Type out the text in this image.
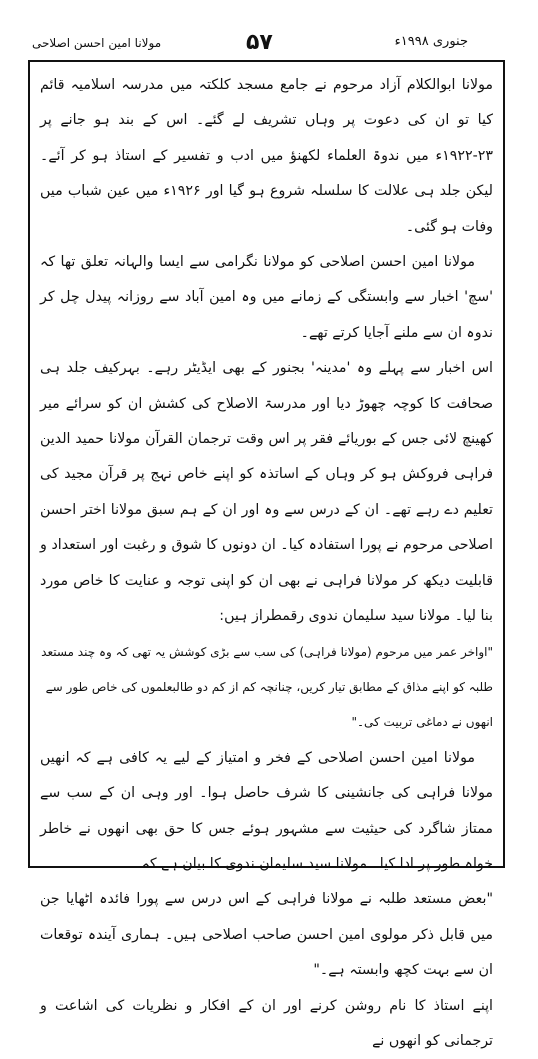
مولانا امین احسن اصلاحی	۵۷	جنوری ۱۹۹۸ء

مولانا ابوالکلام آزاد مرحوم نے جامع مسجد کلکتہ میں مدرسہ اسلامیہ قائم کیا تو ان کی دعوت پر وہاں تشریف لے گئے۔ اس کے بند ہو جانے پر ۲۳-۱۹۲۲ء میں ندوۃ العلماء لکھنؤ میں ادب و تفسیر کے استاذ ہو کر آئے۔ لیکن جلد ہی علالت کا سلسلہ شروع ہو گیا اور ۱۹۲۶ء میں عین شباب میں وفات ہو گئی۔

مولانا امین احسن اصلاحی کو مولانا نگرامی سے ایسا والہانہ تعلق تھا کہ 'سچ' اخبار سے وابستگی کے زمانے میں وہ امین آباد سے روزانہ پیدل چل کر ندوہ ان سے ملنے آجایا کرتے تھے۔

اس اخبار سے پہلے وہ 'مدینہ' بجنور کے بھی ایڈیٹر رہے۔ بہرکیف جلد ہی صحافت کا کوچہ چھوڑ دیا اور مدرسۃ الاصلاح کی کشش ان کو سرائے میر کھینچ لائی جس کے بوریائے فقر پر اس وقت ترجمان القرآن مولانا حمید الدین فراہی فروکش ہو کر وہاں کے اساتذہ کو اپنے خاص نہج پر قرآن مجید کی تعلیم دے رہے تھے۔ ان کے درس سے وہ اور ان کے ہم سبق مولانا اختر احسن اصلاحی مرحوم نے پورا استفادہ کیا۔ ان دونوں کا شوق و رغبت اور استعداد و قابلیت دیکھ کر مولانا فراہی نے بھی ان کو اپنی توجہ و عنایت کا خاص مورد بنا لیا۔ مولانا سید سلیمان ندوی رقمطراز ہیں:

"اواخر عمر میں مرحوم (مولانا فراہی) کی سب سے بڑی کوشش یہ تھی کہ وہ چند مستعد طلبہ کو اپنے مذاق کے مطابق تیار کریں، چنانچہ کم از کم دو طالبعلموں کی خاص طور سے انھوں نے دماغی تربیت کی۔"

مولانا امین احسن اصلاحی کے فخر و امتیاز کے لیے یہ کافی ہے کہ انھیں مولانا فراہی کی جانشینی کا شرف حاصل ہوا۔ اور وہی ان کے سب سے ممتاز شاگرد کی حیثیت سے مشہور ہوئے جس کا حق بھی انھوں نے خاطر خواہ طور پر ادا کیا۔ مولانا سید سلیمان ندوی کا بیان ہے کہ

"بعض مستعد طلبہ نے مولانا فراہی کے اس درس سے پورا فائدہ اٹھایا جن میں قابل ذکر مولوی امین احسن صاحب اصلاحی ہیں۔ ہماری آیندہ توقعات ان سے بہت کچھ وابستہ ہے۔"

اپنے استاذ کا نام روشن کرنے اور ان کے افکار و نظریات کی اشاعت و ترجمانی کو انھوں نے
